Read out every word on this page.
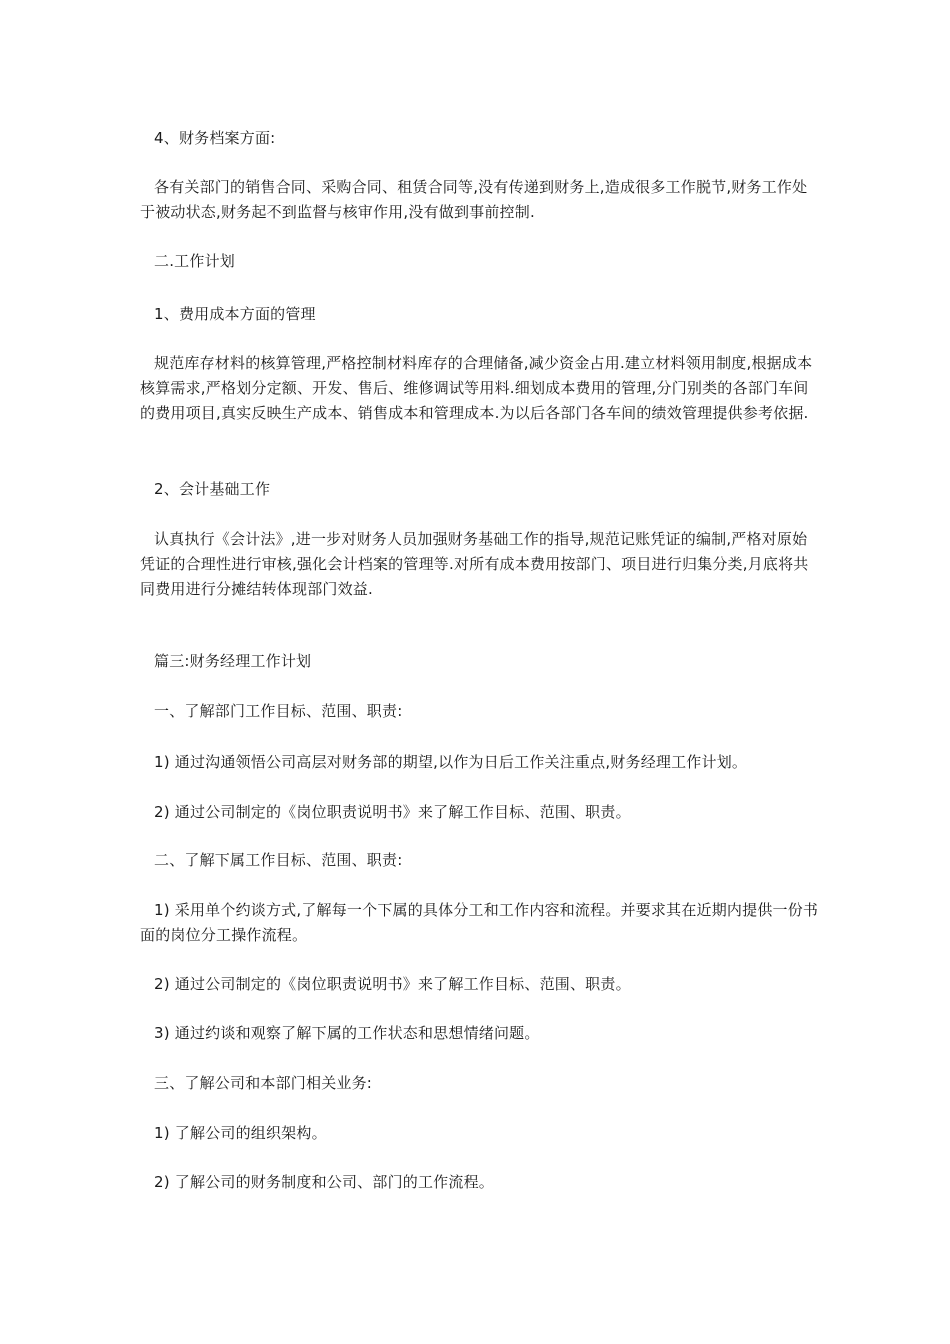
4、财务档案方面:

各有关部门的销售合同、采购合同、租赁合同等,没有传递到财务上,造成很多工作脱节,财务工作处于被动状态,财务起不到监督与核审作用,没有做到事前控制.

二.工作计划

1、费用成本方面的管理

规范库存材料的核算管理,严格控制材料库存的合理储备,减少资金占用.建立材料领用制度,根据成本核算需求,严格划分定额、开发、售后、维修调试等用料.细划成本费用的管理,分门别类的各部门车间的费用项目,真实反映生产成本、销售成本和管理成本.为以后各部门各车间的绩效管理提供参考依据.

2、会计基础工作

认真执行《会计法》,进一步对财务人员加强财务基础工作的指导,规范记账凭证的编制,严格对原始凭证的合理性进行审核,强化会计档案的管理等.对所有成本费用按部门、项目进行归集分类,月底将共同费用进行分摊结转体现部门效益.

篇三:财务经理工作计划

一、了解部门工作目标、范围、职责:

1) 通过沟通领悟公司高层对财务部的期望,以作为日后工作关注重点,财务经理工作计划。

2) 通过公司制定的《岗位职责说明书》来了解工作目标、范围、职责。

二、了解下属工作目标、范围、职责:

1) 采用单个约谈方式,了解每一个下属的具体分工和工作内容和流程。并要求其在近期内提供一份书面的岗位分工操作流程。

2) 通过公司制定的《岗位职责说明书》来了解工作目标、范围、职责。

3) 通过约谈和观察了解下属的工作状态和思想情绪问题。

三、了解公司和本部门相关业务:

1) 了解公司的组织架构。

2) 了解公司的财务制度和公司、部门的工作流程。
